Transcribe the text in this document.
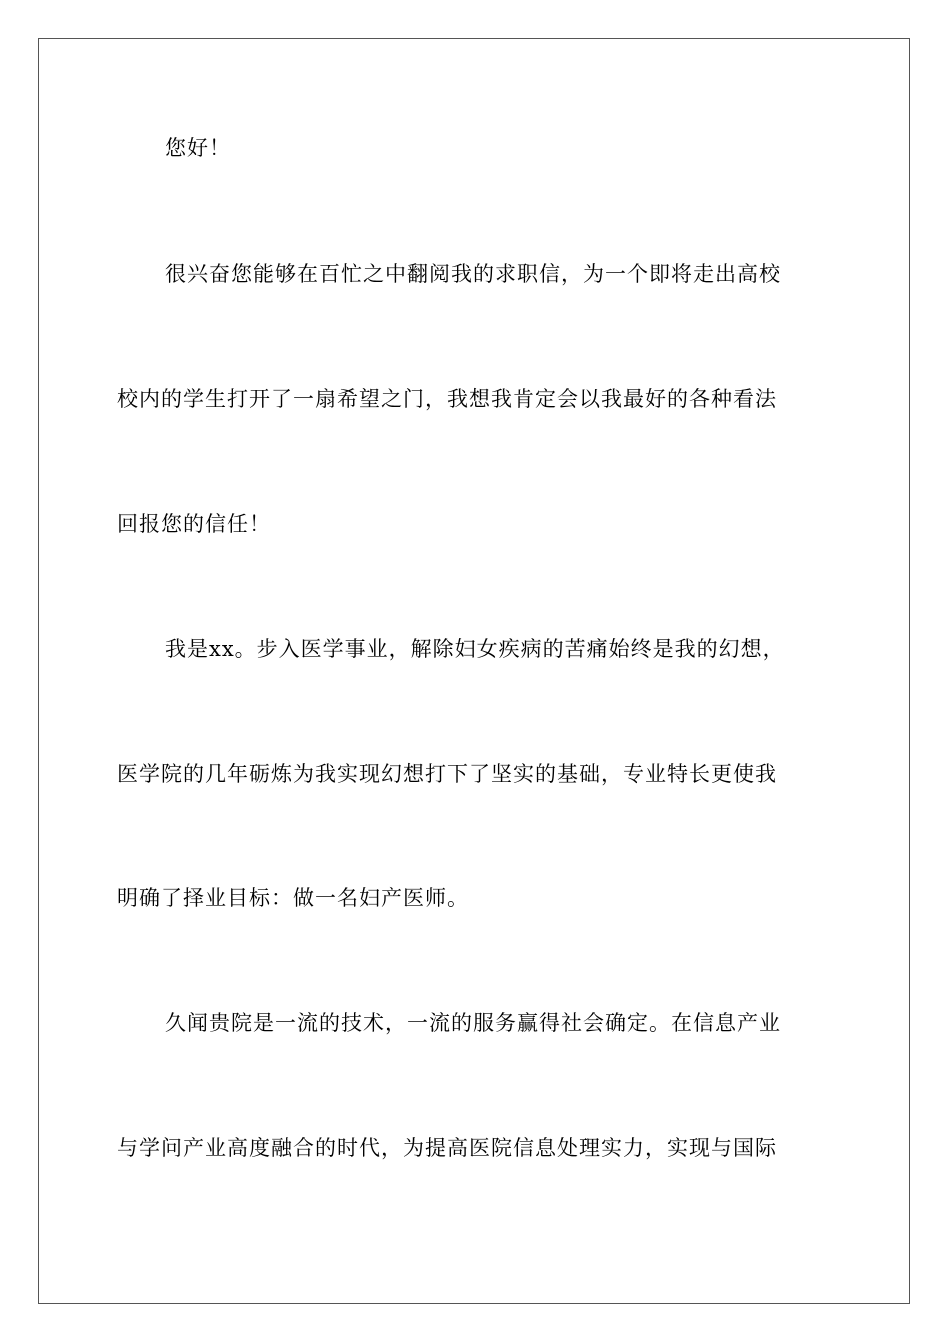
您好！
很兴奋您能够在百忙之中翻阅我的求职信，为一个即将走出高校
校内的学生打开了一扇希望之门，我想我肯定会以我最好的各种看法
回报您的信任！
我是xx。步入医学事业，解除妇女疾病的苦痛始终是我的幻想，
医学院的几年砺炼为我实现幻想打下了坚实的基础，专业特长更使我
明确了择业目标：做一名妇产医师。
久闻贵院是一流的技术，一流的服务赢得社会确定。在信息产业
与学问产业高度融合的时代，为提高医院信息处理实力，实现与国际
